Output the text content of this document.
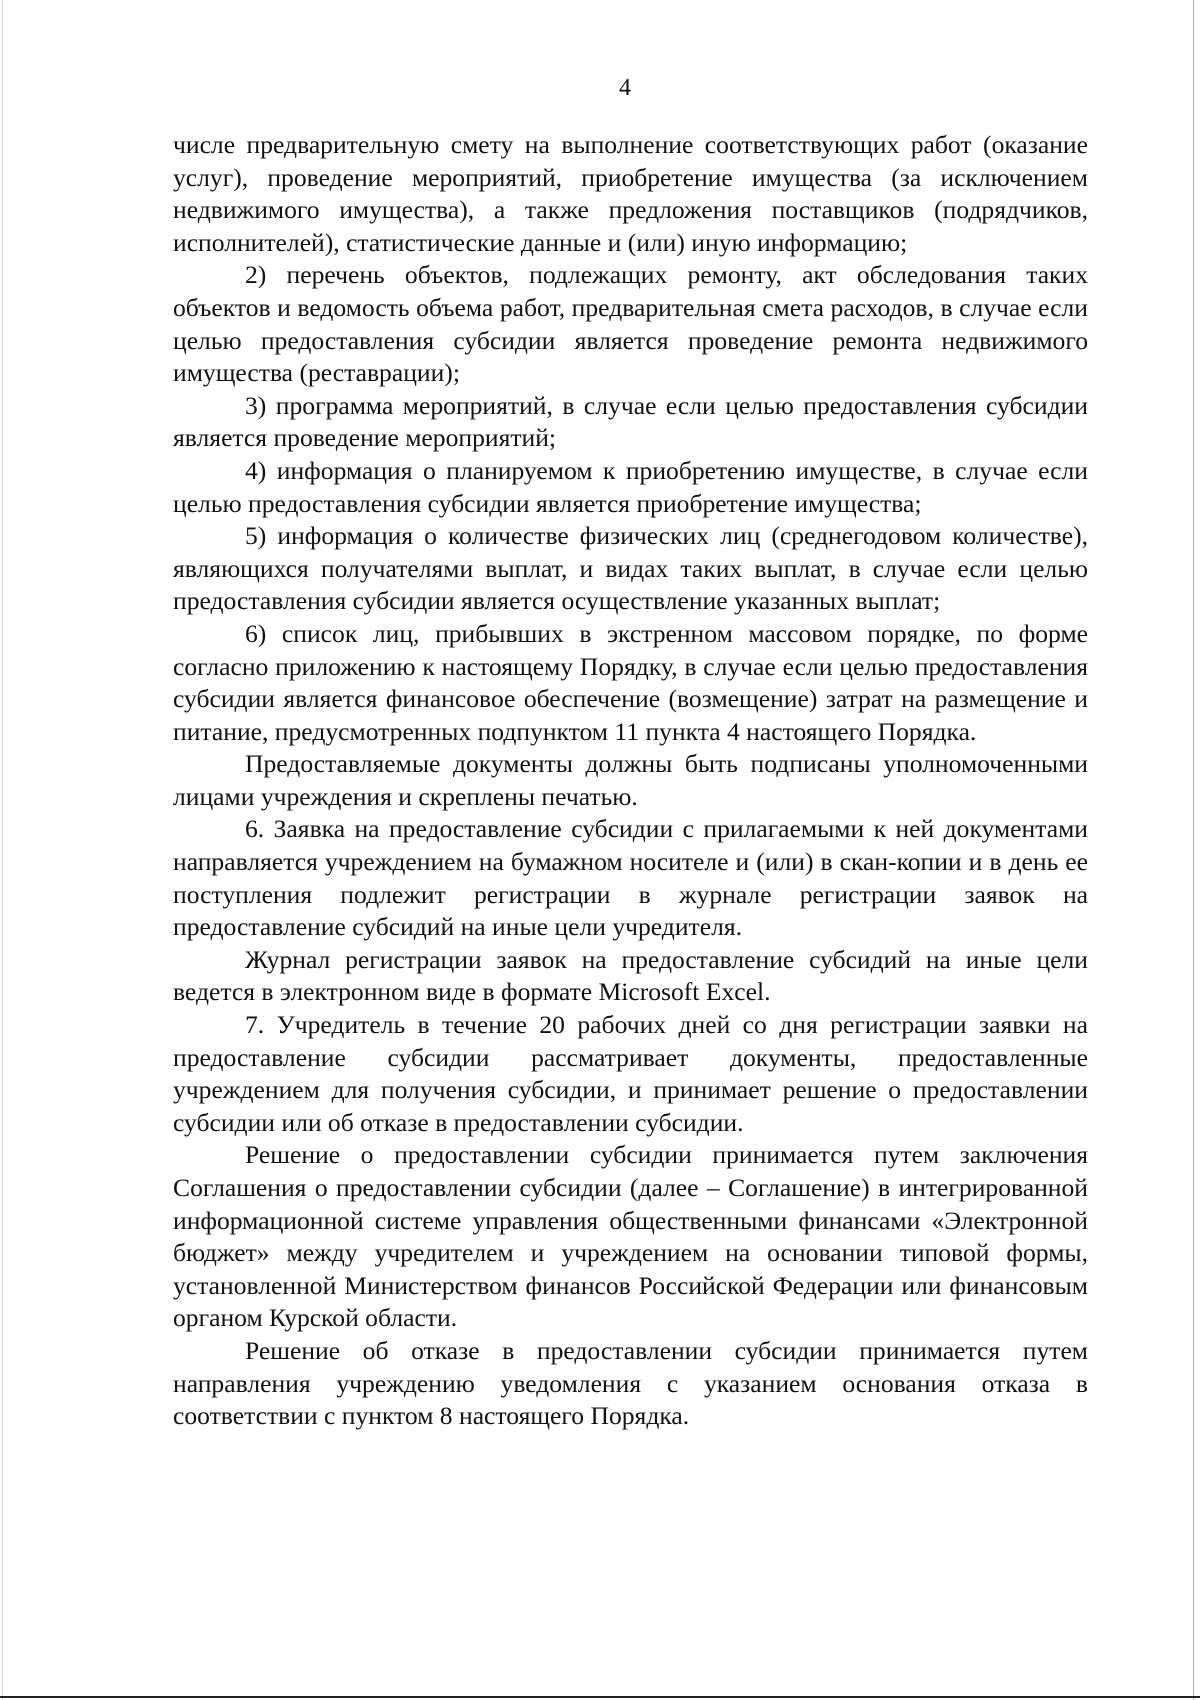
4

числе предварительную смету на выполнение соответствующих работ (оказание услуг), проведение мероприятий, приобретение имущества (за исключением недвижимого имущества), а также предложения поставщиков (подрядчиков, исполнителей), статистические данные и (или) иную информацию;

2) перечень объектов, подлежащих ремонту, акт обследования таких объектов и ведомость объема работ, предварительная смета расходов, в случае если целью предоставления субсидии является проведение ремонта недвижимого имущества (реставрации);

3) программа мероприятий, в случае если целью предоставления субсидии является проведение мероприятий;

4) информация о планируемом к приобретению имуществе, в случае если целью предоставления субсидии является приобретение имущества;

5) информация о количестве физических лиц (среднегодовом количестве), являющихся получателями выплат, и видах таких выплат, в случае если целью предоставления субсидии является осуществление указанных выплат;

6) список лиц, прибывших в экстренном массовом порядке, по форме согласно приложению к настоящему Порядку, в случае если целью предоставления субсидии является финансовое обеспечение (возмещение) затрат на размещение и питание, предусмотренных подпунктом 11 пункта 4 настоящего Порядка.

Предоставляемые документы должны быть подписаны уполномоченными лицами учреждения и скреплены печатью.

6. Заявка на предоставление субсидии с прилагаемыми к ней документами направляется учреждением на бумажном носителе и (или) в скан-копии и в день ее поступления подлежит регистрации в журнале регистрации заявок на предоставление субсидий на иные цели учредителя.

Журнал регистрации заявок на предоставление субсидий на иные цели ведется в электронном виде в формате Microsoft Excel.

7. Учредитель в течение 20 рабочих дней со дня регистрации заявки на предоставление субсидии рассматривает документы, предоставленные учреждением для получения субсидии, и принимает решение о предоставлении субсидии или об отказе в предоставлении субсидии.

Решение о предоставлении субсидии принимается путем заключения Соглашения о предоставлении субсидии (далее – Соглашение) в интегрированной информационной системе управления общественными финансами «Электронной бюджет» между учредителем и учреждением на основании типовой формы, установленной Министерством финансов Российской Федерации или финансовым органом Курской области.

Решение об отказе в предоставлении субсидии принимается путем направления учреждению уведомления с указанием основания отказа в соответствии с пунктом 8 настоящего Порядка.
